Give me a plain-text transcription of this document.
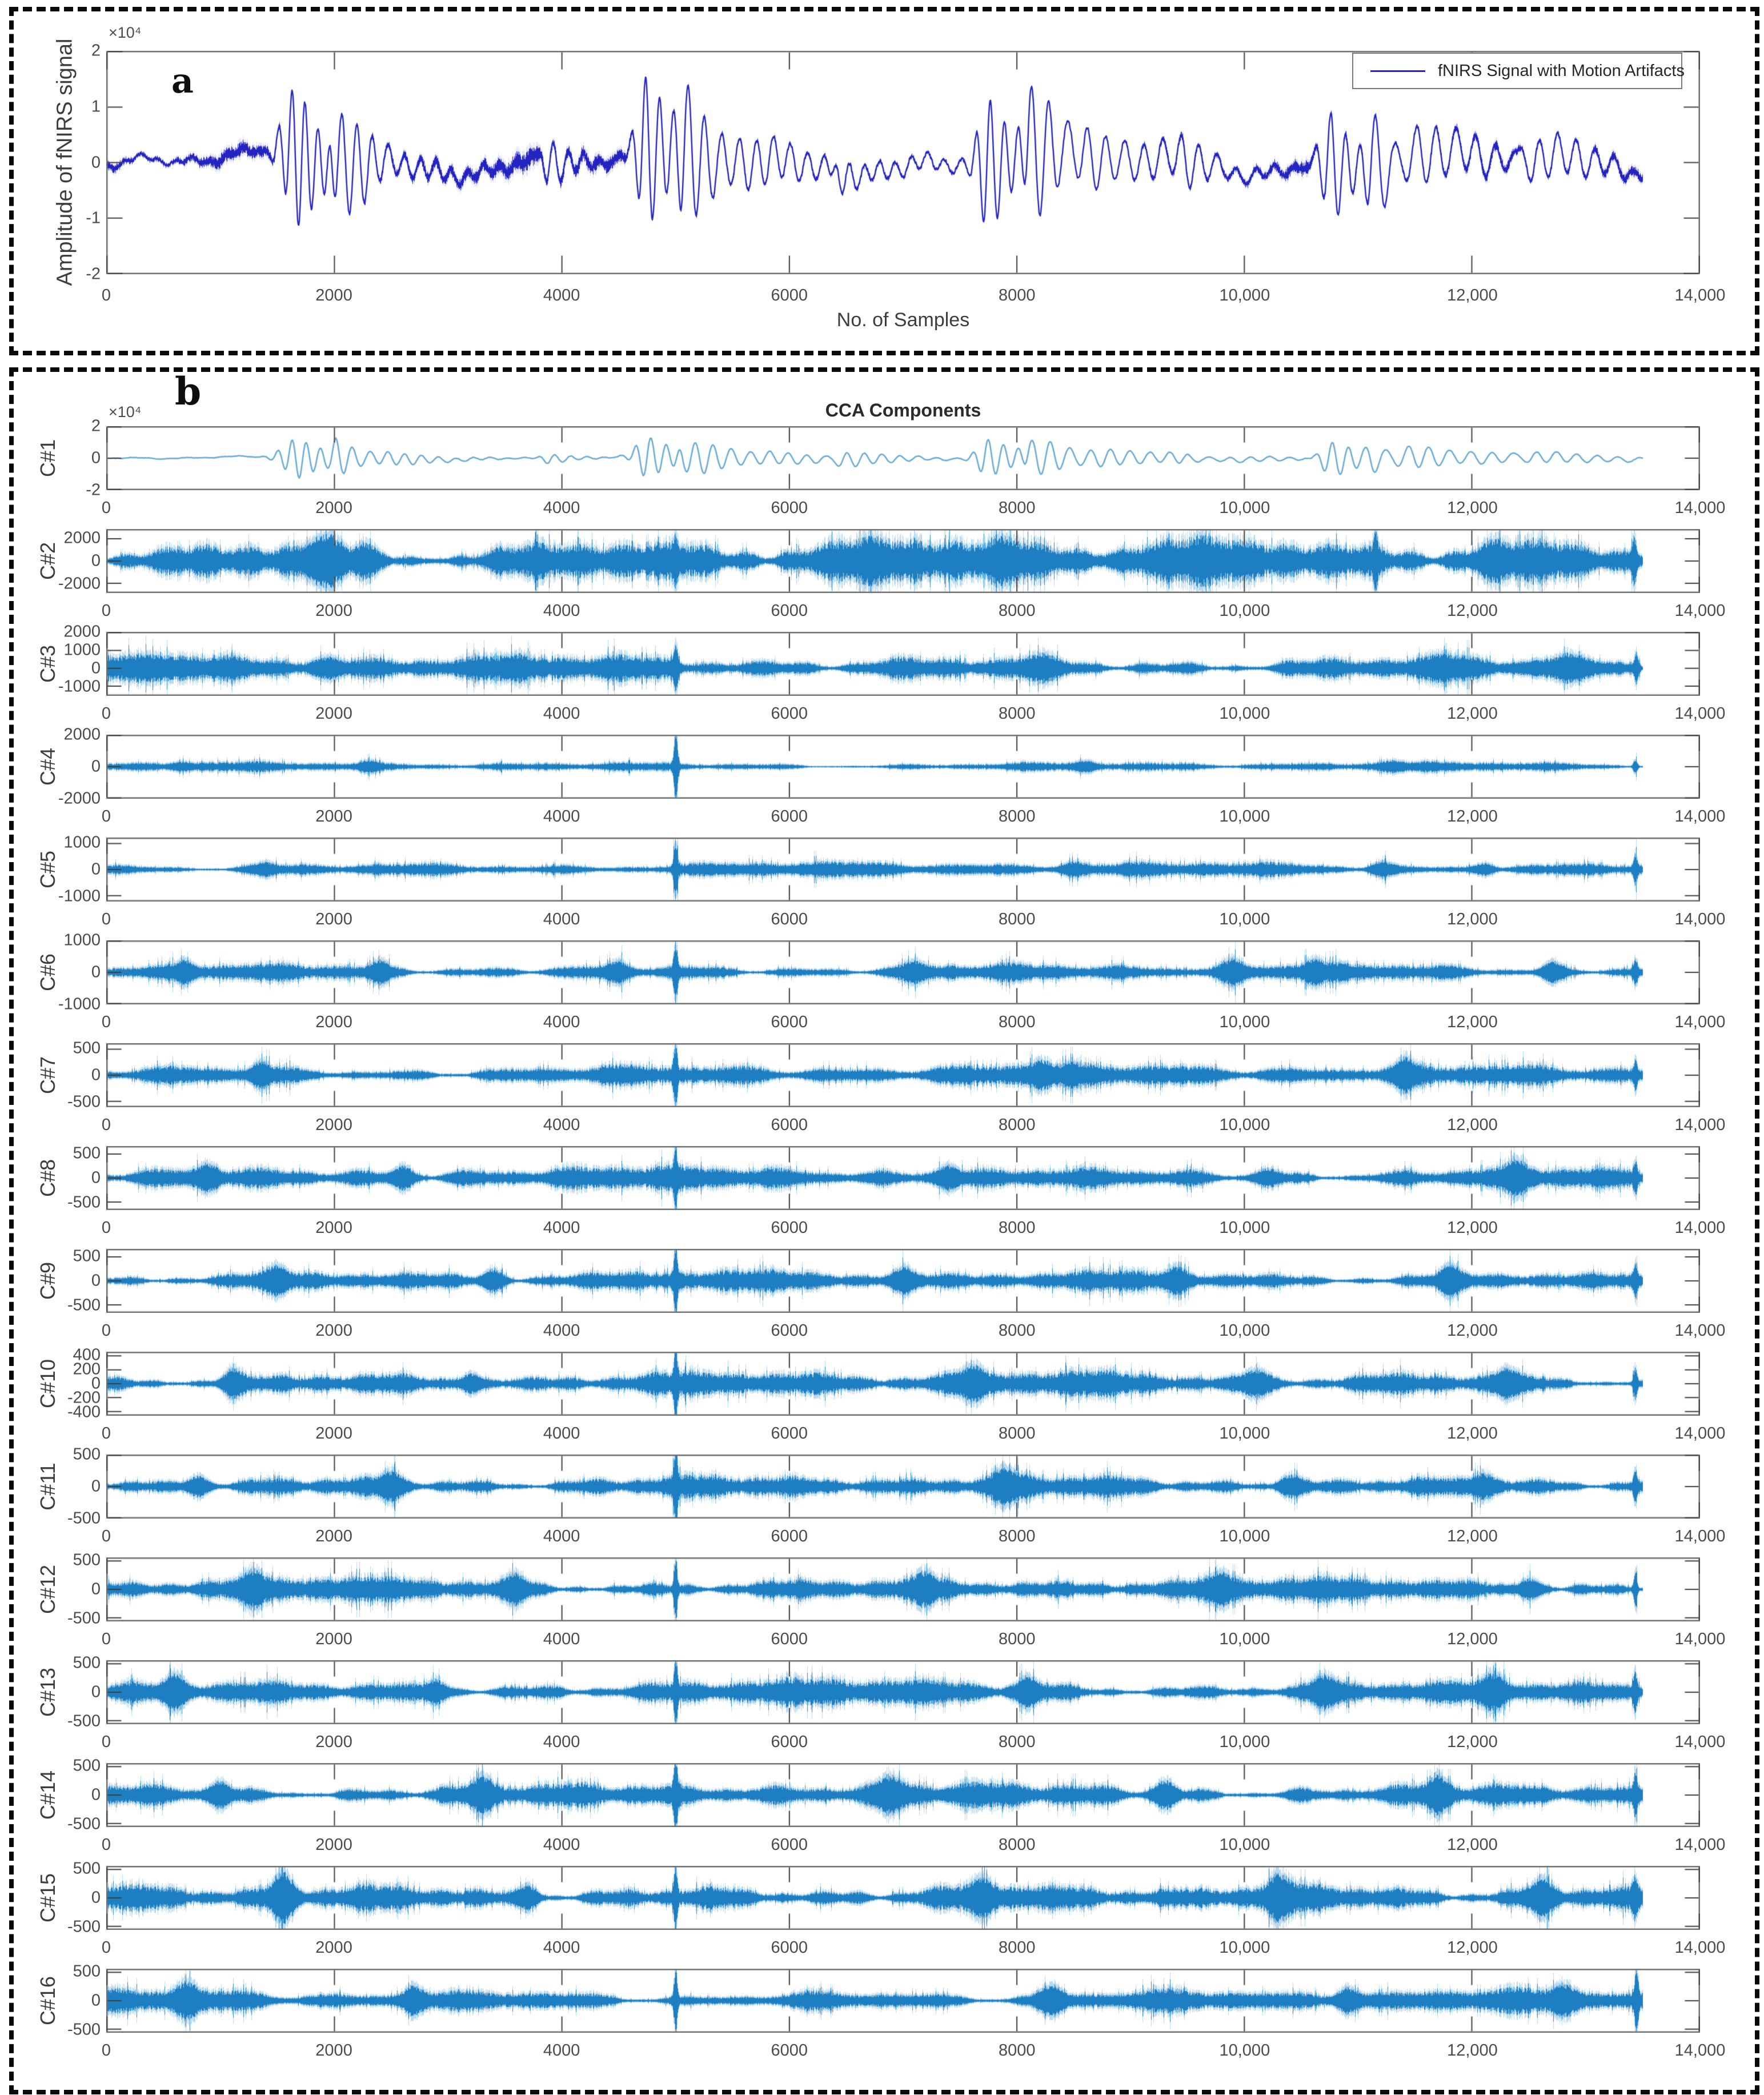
Amplitude of fNIRS signal
×10⁴
fNIRS Signal with Motion Artifacts
No. of Samples
0	2000	4000	6000	8000	10,000	12,000	14,000
2
1
0
-1
-2
b	CCA Components
×10⁴
C#1
2
0
-2
0	2000	4000	6000	8000	10,000	12,000	14,000
C#2
2000
0
-2000
0	2000	4000	6000	8000	10,000	12,000	14,000
C#3
2000
1000
0
-1000
0	2000	4000	6000	8000	10,000	12,000	14,000
C#4
2000
0
-2000
0	2000	4000	6000	8000	10,000	12,000	14,000
C#5
1000
0
-1000
0	2000	4000	6000	8000	10,000	12,000	14,000
C#6
1000
0
-1000
0	2000	4000	6000	8000	10,000	12,000	14,000
C#7
500
0
-500
0	2000	4000	6000	8000	10,000	12,000	14,000
C#8
500
0
-500
0	2000	4000	6000	8000	10,000	12,000	14,000
C#9
500
0
-500
0	2000	4000	6000	8000	10,000	12,000	14,000
C#10
400
200
0
-200
-400
0	2000	4000	6000	8000	10,000	12,000	14,000
C#11
500
0
-500
0	2000	4000	6000	8000	10,000	12,000	14,000
C#12
500
0
-500
0	2000	4000	6000	8000	10,000	12,000	14,000
C#13
500
0
-500
0	2000	4000	6000	8000	10,000	12,000	14,000
C#14
500
0
-500
0	2000	4000	6000	8000	10,000	12,000	14,000
C#15
500
0
-500
0	2000	4000	6000	8000	10,000	12,000	14,000
C#16
500
0
-500
0	2000	4000	6000	8000	10,000	12,000	14,000
